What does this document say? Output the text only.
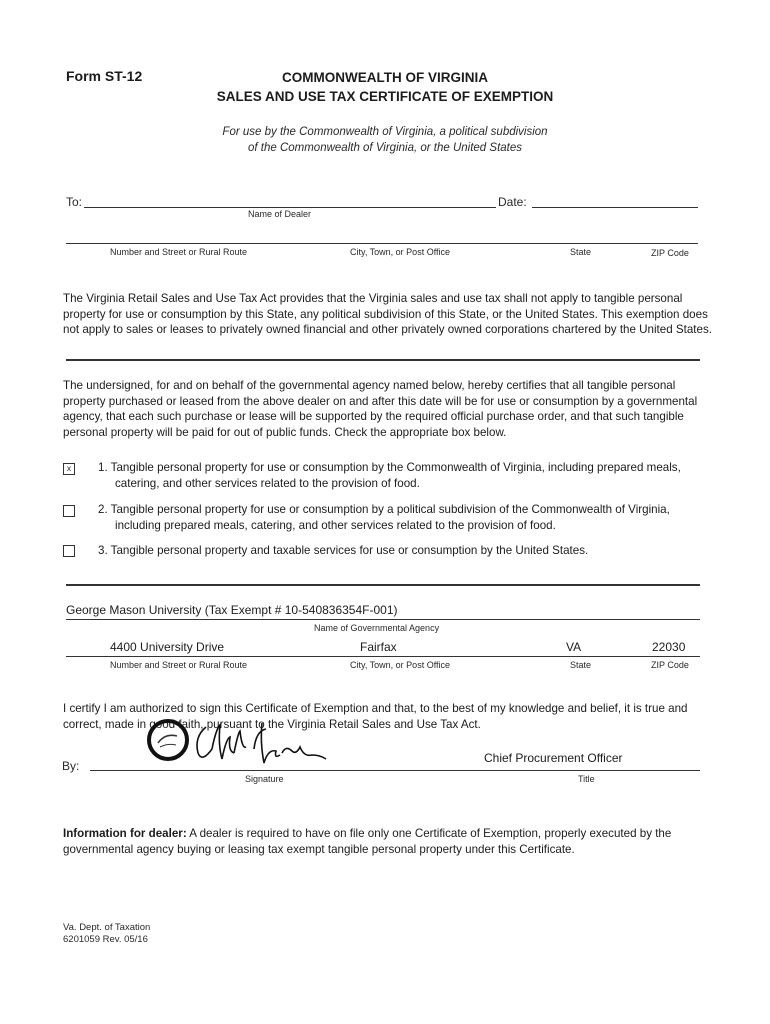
Form ST-12	COMMONWEALTH OF VIRGINIA
SALES AND USE TAX CERTIFICATE OF EXEMPTION
For use by the Commonwealth of Virginia, a political subdivision
of the Commonwealth of Virginia, or the United States
To:	Date:
Name of Dealer
Number and Street or Rural Route	City, Town, or Post Office	State	ZIP Code
The Virginia Retail Sales and Use Tax Act provides that the Virginia sales and use tax shall not apply to tangible personal
property for use or consumption by this State, any political subdivision of this State, or the United States. This exemption does
not apply to sales or leases to privately owned financial and other privately owned corporations chartered by the United States.
The undersigned, for and on behalf of the governmental agency named below, hereby certifies that all tangible personal
property purchased or leased from the above dealer on and after this date will be for use or consumption by a governmental
agency, that each such purchase or lease will be supported by the required official purchase order, and that such tangible
personal property will be paid for out of public funds. Check the appropriate box below.
x	1. Tangible personal property for use or consumption by the Commonwealth of Virginia, including prepared meals,
catering, and other services related to the provision of food.
2. Tangible personal property for use or consumption by a political subdivision of the Commonwealth of Virginia,
including prepared meals, catering, and other services related to the provision of food.
3. Tangible personal property and taxable services for use or consumption by the United States.
George Mason University (Tax Exempt # 10-540836354F-001)
Name of Governmental Agency
4400 University Drive	Fairfax	VA	22030
Number and Street or Rural Route	City, Town, or Post Office	State	ZIP Code
I certify I am authorized to sign this Certificate of Exemption and that, to the best of my knowledge and belief, it is true and
correct, made in good faith, pursuant to the Virginia Retail Sales and Use Tax Act.
By:
Chief Procurement Officer
Signature	Title
Information for dealer: A dealer is required to have on file only one Certificate of Exemption, properly executed by the
governmental agency buying or leasing tax exempt tangible personal property under this Certificate.
Va. Dept. of Taxation
6201059 Rev. 05/16
